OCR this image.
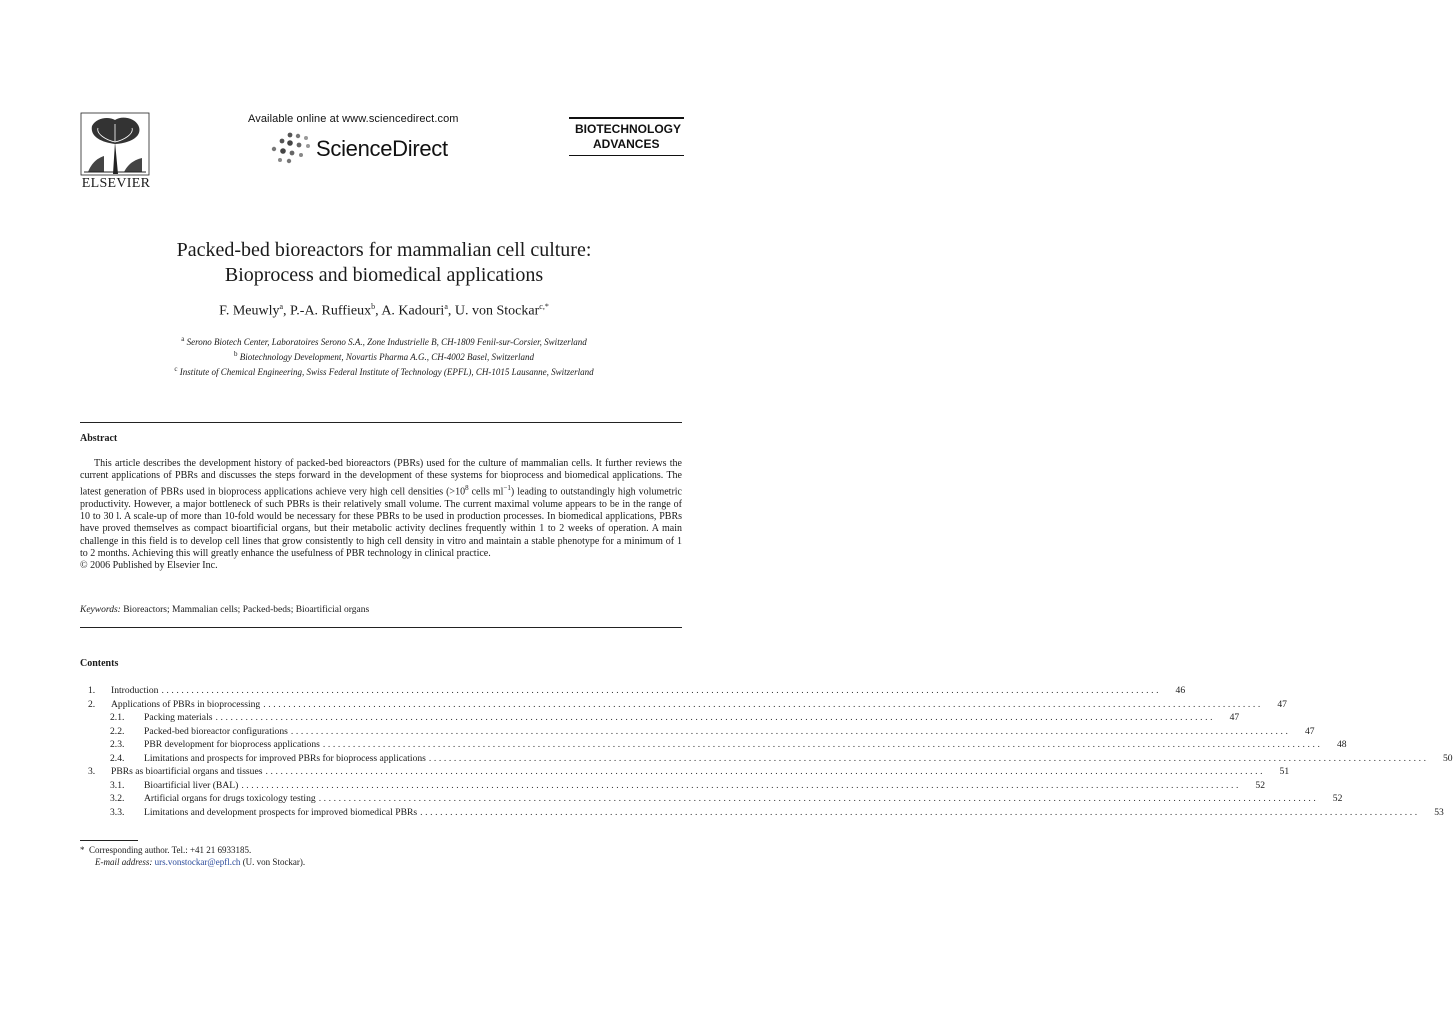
ELSEVIER
Available online at www.sciencedirect.com
ScienceDirect
BIOTECHNOLOGY
ADVANCES
Packed-bed bioreactors for mammalian cell culture:
Bioprocess and biomedical applications
F. Meuwly$^a$, P.-A. Ruffieux$^b$, A. Kadouri$^a$, U. von Stockar$^{c,*}$
$^a$ Serono Biotech Center, Laboratoires Serono S.A., Zone Industrielle B, CH-1809 Fenil-sur-Corsier, Switzerland
$^b$ Biotechnology Development, Novartis Pharma A.G., CH-4002 Basel, Switzerland
$^c$ Institute of Chemical Engineering, Swiss Federal Institute of Technology (EPFL), CH-1015 Lausanne, Switzerland
Abstract

This article describes the development history of packed-bed bioreactors (PBRs) used for the culture of mammalian cells. It further reviews the current applications of PBRs and discusses the steps forward in the development of these systems for bioprocess and biomedical applications. The latest generation of PBRs used in bioprocess applications achieve very high cell densities ($>10^8$ cells $ml^{-1}$) leading to outstandingly high volumetric productivity. However, a major bottleneck of such PBRs is their relatively small volume. The current maximal volume appears to be in the range of 10 to 30 l. A scale-up of more than 10-fold would be necessary for these PBRs to be used in production processes. In biomedical applications, PBRs have proved themselves as compact bioartificial organs, but their metabolic activity declines frequently within 1 to 2 weeks of operation. A main challenge in this field is to develop cell lines that grow consistently to high cell density in vitro and maintain a stable phenotype for a minimum of 1 to 2 months. Achieving this will greatly enhance the usefulness of PBR technology in clinical practice.

© 2006 Published by Elsevier Inc.

Keywords: Bioreactors; Mammalian cells; Packed-beds; Bioartificial organs
Contents
1.	Introduction ........................................................................................................................................................................................................	46
2.	Applications of PBRs in bioprocessing ........................................................................................................................................................................................................	47
2.1.	Packing materials ........................................................................................................................................................................................................	47
2.2.	Packed-bed bioreactor configurations ........................................................................................................................................................................................................	47
2.3.	PBR development for bioprocess applications ........................................................................................................................................................................................................	48
2.4.	Limitations and prospects for improved PBRs for bioprocess applications ........................................................................................................................................................................................................	50
3.	PBRs as bioartificial organs and tissues ........................................................................................................................................................................................................	51
3.1.	Bioartificial liver (BAL) ........................................................................................................................................................................................................	52
3.2.	Artificial organs for drugs toxicology testing ........................................................................................................................................................................................................	52
3.3.	Limitations and development prospects for improved biomedical PBRs ........................................................................................................................................................................................................	53
* Corresponding author. Tel.: +41 21 6933185.
E-mail address: urs.vonstockar@epfl.ch (U. von Stockar).
